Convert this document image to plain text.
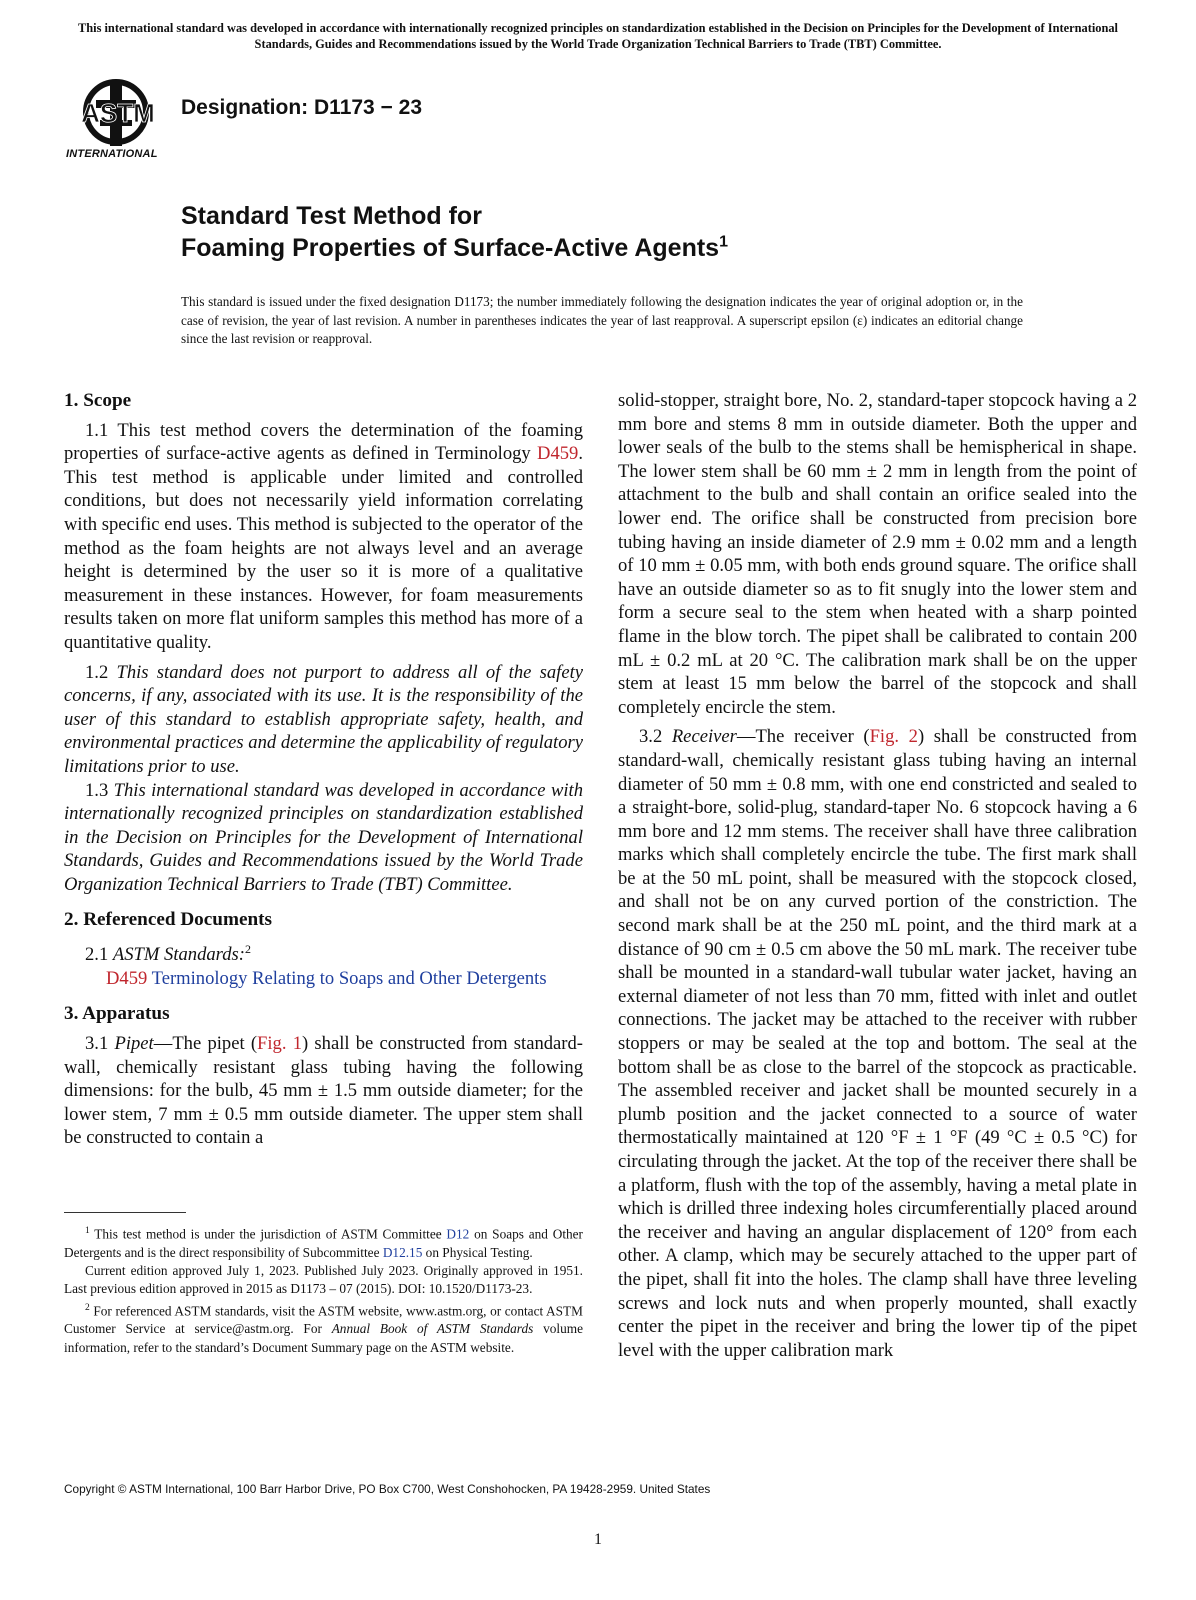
This international standard was developed in accordance with internationally recognized principles on standardization established in the Decision on Principles for the Development of International Standards, Guides and Recommendations issued by the World Trade Organization Technical Barriers to Trade (TBT) Committee.
ASTM
INTERNATIONAL
Designation: D1173 − 23
Standard Test Method for
Foaming Properties of Surface-Active Agents$^1$
This standard is issued under the fixed designation D1173; the number immediately following the designation indicates the year of original adoption or, in the case of revision, the year of last revision. A number in parentheses indicates the year of last reapproval. A superscript epsilon (ε) indicates an editorial change since the last revision or reapproval.
1. Scope

1.1 This test method covers the determination of the foaming properties of surface-active agents as defined in Terminology D459. This test method is applicable under limited and controlled conditions, but does not necessarily yield information correlating with specific end uses. This method is subjected to the operator of the method as the foam heights are not always level and an average height is determined by the user so it is more of a qualitative measurement in these instances. However, for foam measurements results taken on more flat uniform samples this method has more of a quantitative quality.

1.2 This standard does not purport to address all of the safety concerns, if any, associated with its use. It is the responsibility of the user of this standard to establish appropriate safety, health, and environmental practices and determine the applicability of regulatory limitations prior to use.

1.3 This international standard was developed in accordance with internationally recognized principles on standardization established in the Decision on Principles for the Development of International Standards, Guides and Recommendations issued by the World Trade Organization Technical Barriers to Trade (TBT) Committee.

2. Referenced Documents

2.1 ASTM Standards:$^2$

D459 Terminology Relating to Soaps and Other Detergents

3. Apparatus

3.1 Pipet—The pipet (Fig. 1) shall be constructed from standard-wall, chemically resistant glass tubing having the following dimensions: for the bulb, 45 mm ± 1.5 mm outside diameter; for the lower stem, 7 mm ± 0.5 mm outside diameter. The upper stem shall be constructed to contain a

$^1$ This test method is under the jurisdiction of ASTM Committee D12 on Soaps and Other Detergents and is the direct responsibility of Subcommittee D12.15 on Physical Testing.

Current edition approved July 1, 2023. Published July 2023. Originally approved in 1951. Last previous edition approved in 2015 as D1173 – 07 (2015). DOI: 10.1520/D1173-23.

$^2$ For referenced ASTM standards, visit the ASTM website, www.astm.org, or contact ASTM Customer Service at service@astm.org. For Annual Book of ASTM Standards volume information, refer to the standard’s Document Summary page on the ASTM website.

solid-stopper, straight bore, No. 2, standard-taper stopcock having a 2 mm bore and stems 8 mm in outside diameter. Both the upper and lower seals of the bulb to the stems shall be hemispherical in shape. The lower stem shall be 60 mm ± 2 mm in length from the point of attachment to the bulb and shall contain an orifice sealed into the lower end. The orifice shall be constructed from precision bore tubing having an inside diameter of 2.9 mm ± 0.02 mm and a length of 10 mm ± 0.05 mm, with both ends ground square. The orifice shall have an outside diameter so as to fit snugly into the lower stem and form a secure seal to the stem when heated with a sharp pointed flame in the blow torch. The pipet shall be calibrated to contain 200 mL ± 0.2 mL at 20 °C. The calibration mark shall be on the upper stem at least 15 mm below the barrel of the stopcock and shall completely encircle the stem.

3.2 Receiver—The receiver (Fig. 2) shall be constructed from standard-wall, chemically resistant glass tubing having an internal diameter of 50 mm ± 0.8 mm, with one end constricted and sealed to a straight-bore, solid-plug, standard-taper No. 6 stopcock having a 6 mm bore and 12 mm stems. The receiver shall have three calibration marks which shall completely encircle the tube. The first mark shall be at the 50 mL point, shall be measured with the stopcock closed, and shall not be on any curved portion of the constriction. The second mark shall be at the 250 mL point, and the third mark at a distance of 90 cm ± 0.5 cm above the 50 mL mark. The receiver tube shall be mounted in a standard-wall tubular water jacket, having an external diameter of not less than 70 mm, fitted with inlet and outlet connections. The jacket may be attached to the receiver with rubber stoppers or may be sealed at the top and bottom. The seal at the bottom shall be as close to the barrel of the stopcock as practicable. The assembled receiver and jacket shall be mounted securely in a plumb position and the jacket connected to a source of water thermostatically maintained at 120 °F ± 1 °F (49 °C ± 0.5 °C) for circulating through the jacket. At the top of the receiver there shall be a platform, flush with the top of the assembly, having a metal plate in which is drilled three indexing holes circumferentially placed around the receiver and having an angular displacement of 120° from each other. A clamp, which may be securely attached to the upper part of the pipet, shall fit into the holes. The clamp shall have three leveling screws and lock nuts and when properly mounted, shall exactly center the pipet in the receiver and bring the lower tip of the pipet level with the upper calibration mark

Copyright © ASTM International, 100 Barr Harbor Drive, PO Box C700, West Conshohocken, PA 19428-2959. United States
1
